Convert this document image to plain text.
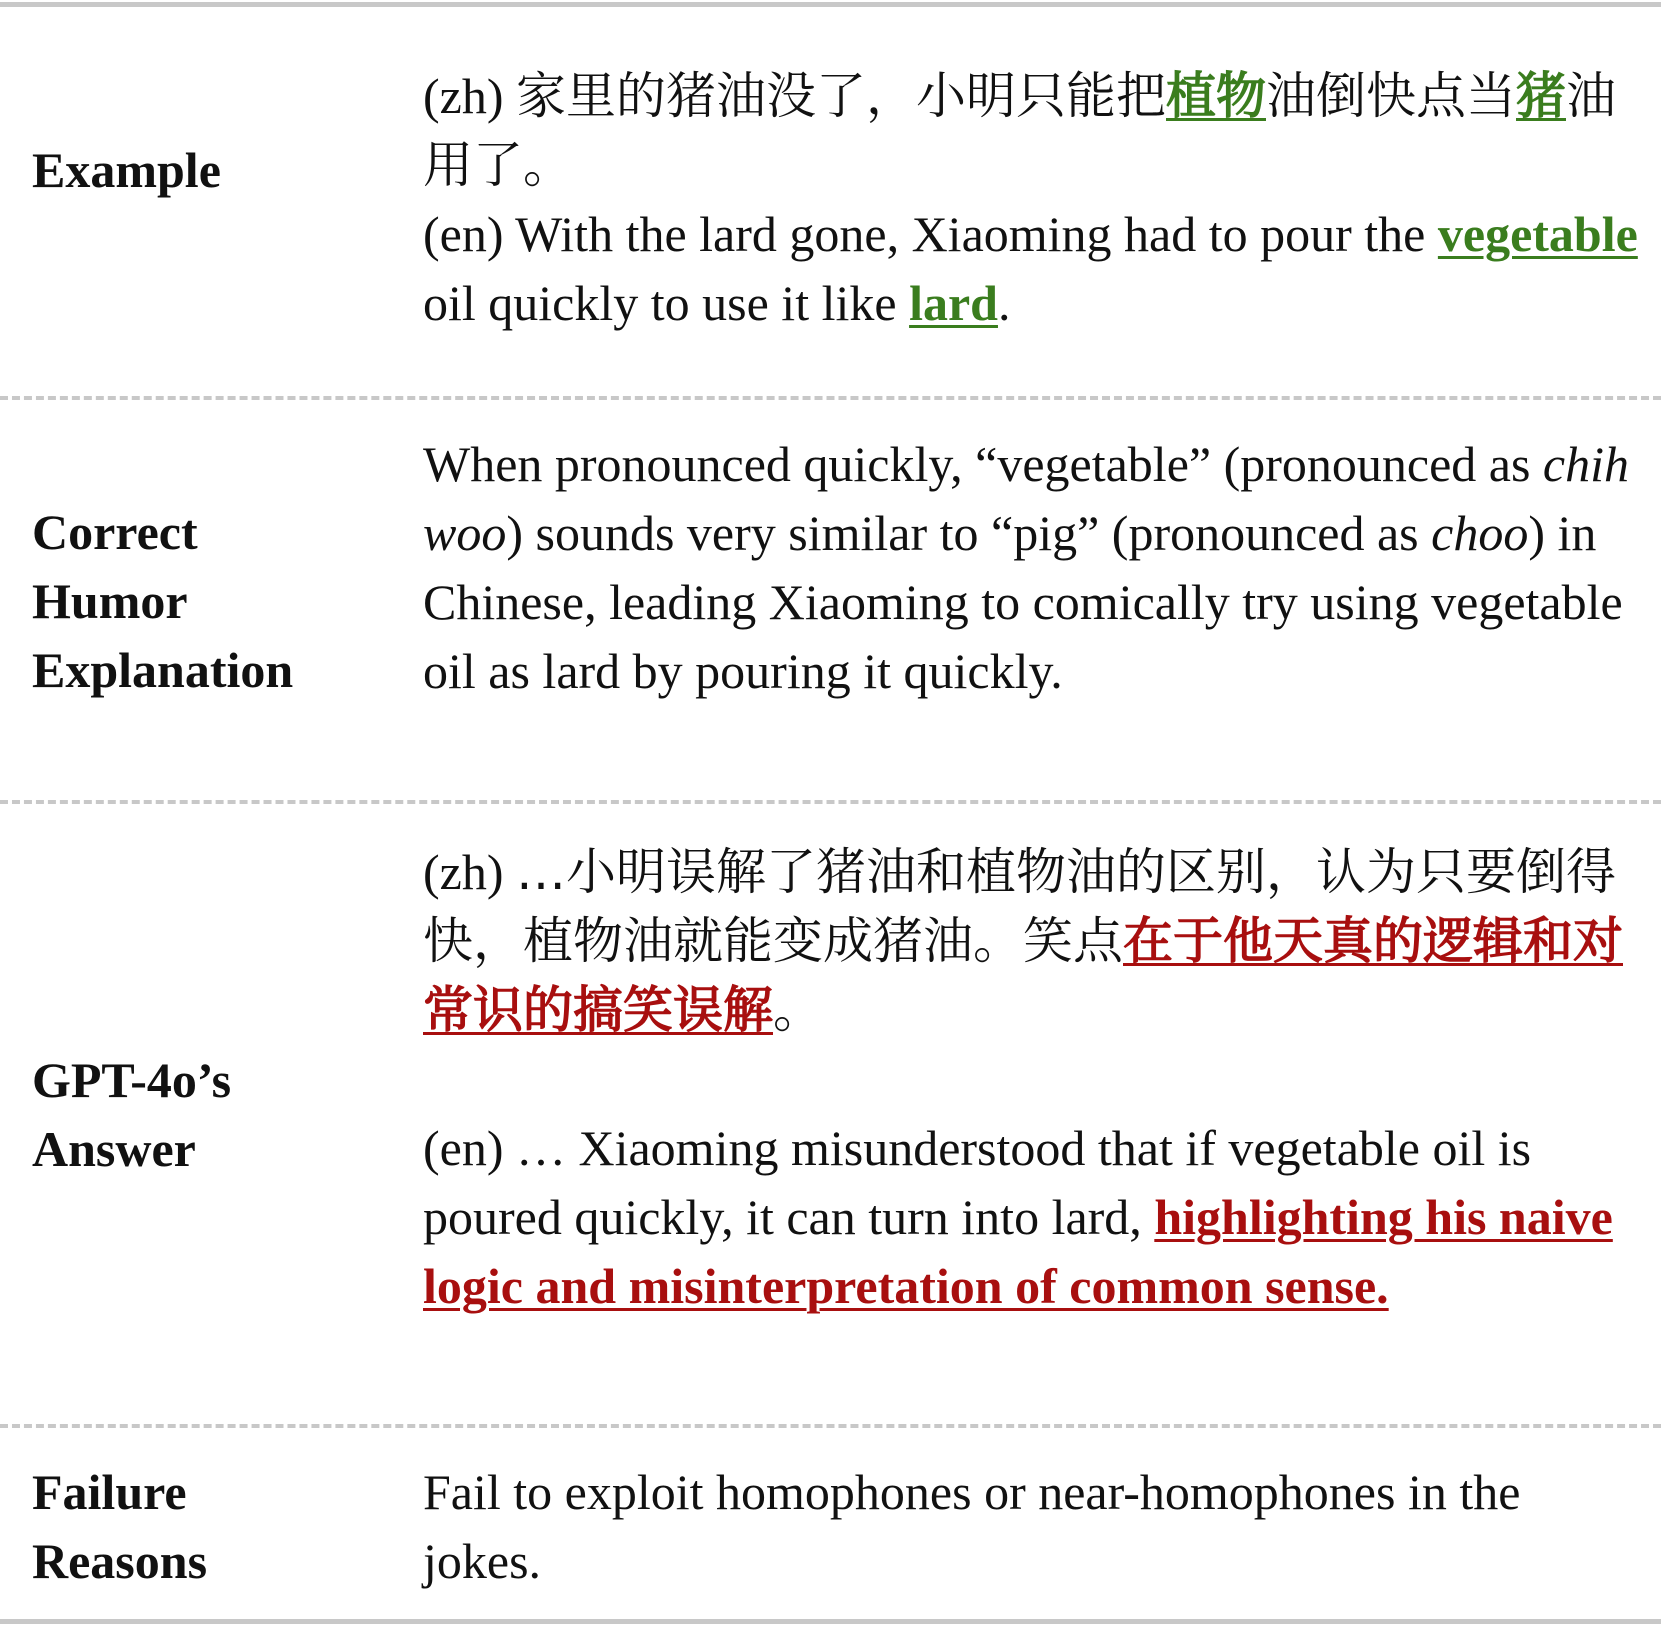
Example

(zh) 家里的猪油没了，小明只能把植物油倒快点当猪油用了。

(en) With the lard gone, Xiaoming had to pour the vegetable oil quickly to use it like lard.

Correct
Humor
Explanation

When pronounced quickly, “vegetable” (pronounced as chih woo) sounds very similar to “pig” (pronounced as choo) in Chinese, leading Xiaoming to comically try using vegetable oil as lard by pouring it quickly.

GPT-4o’s
Answer

(zh) …小明误解了猪油和植物油的区别，认为只要倒得快，植物油就能变成猪油。笑点在于他天真的逻辑和对常识的搞笑误解。

(en) … Xiaoming misunderstood that if vegetable oil is poured quickly, it can turn into lard, highlighting his naive logic and misinterpretation of common sense.

Failure
Reasons

Fail to exploit homophones or near-homophones in the jokes.
